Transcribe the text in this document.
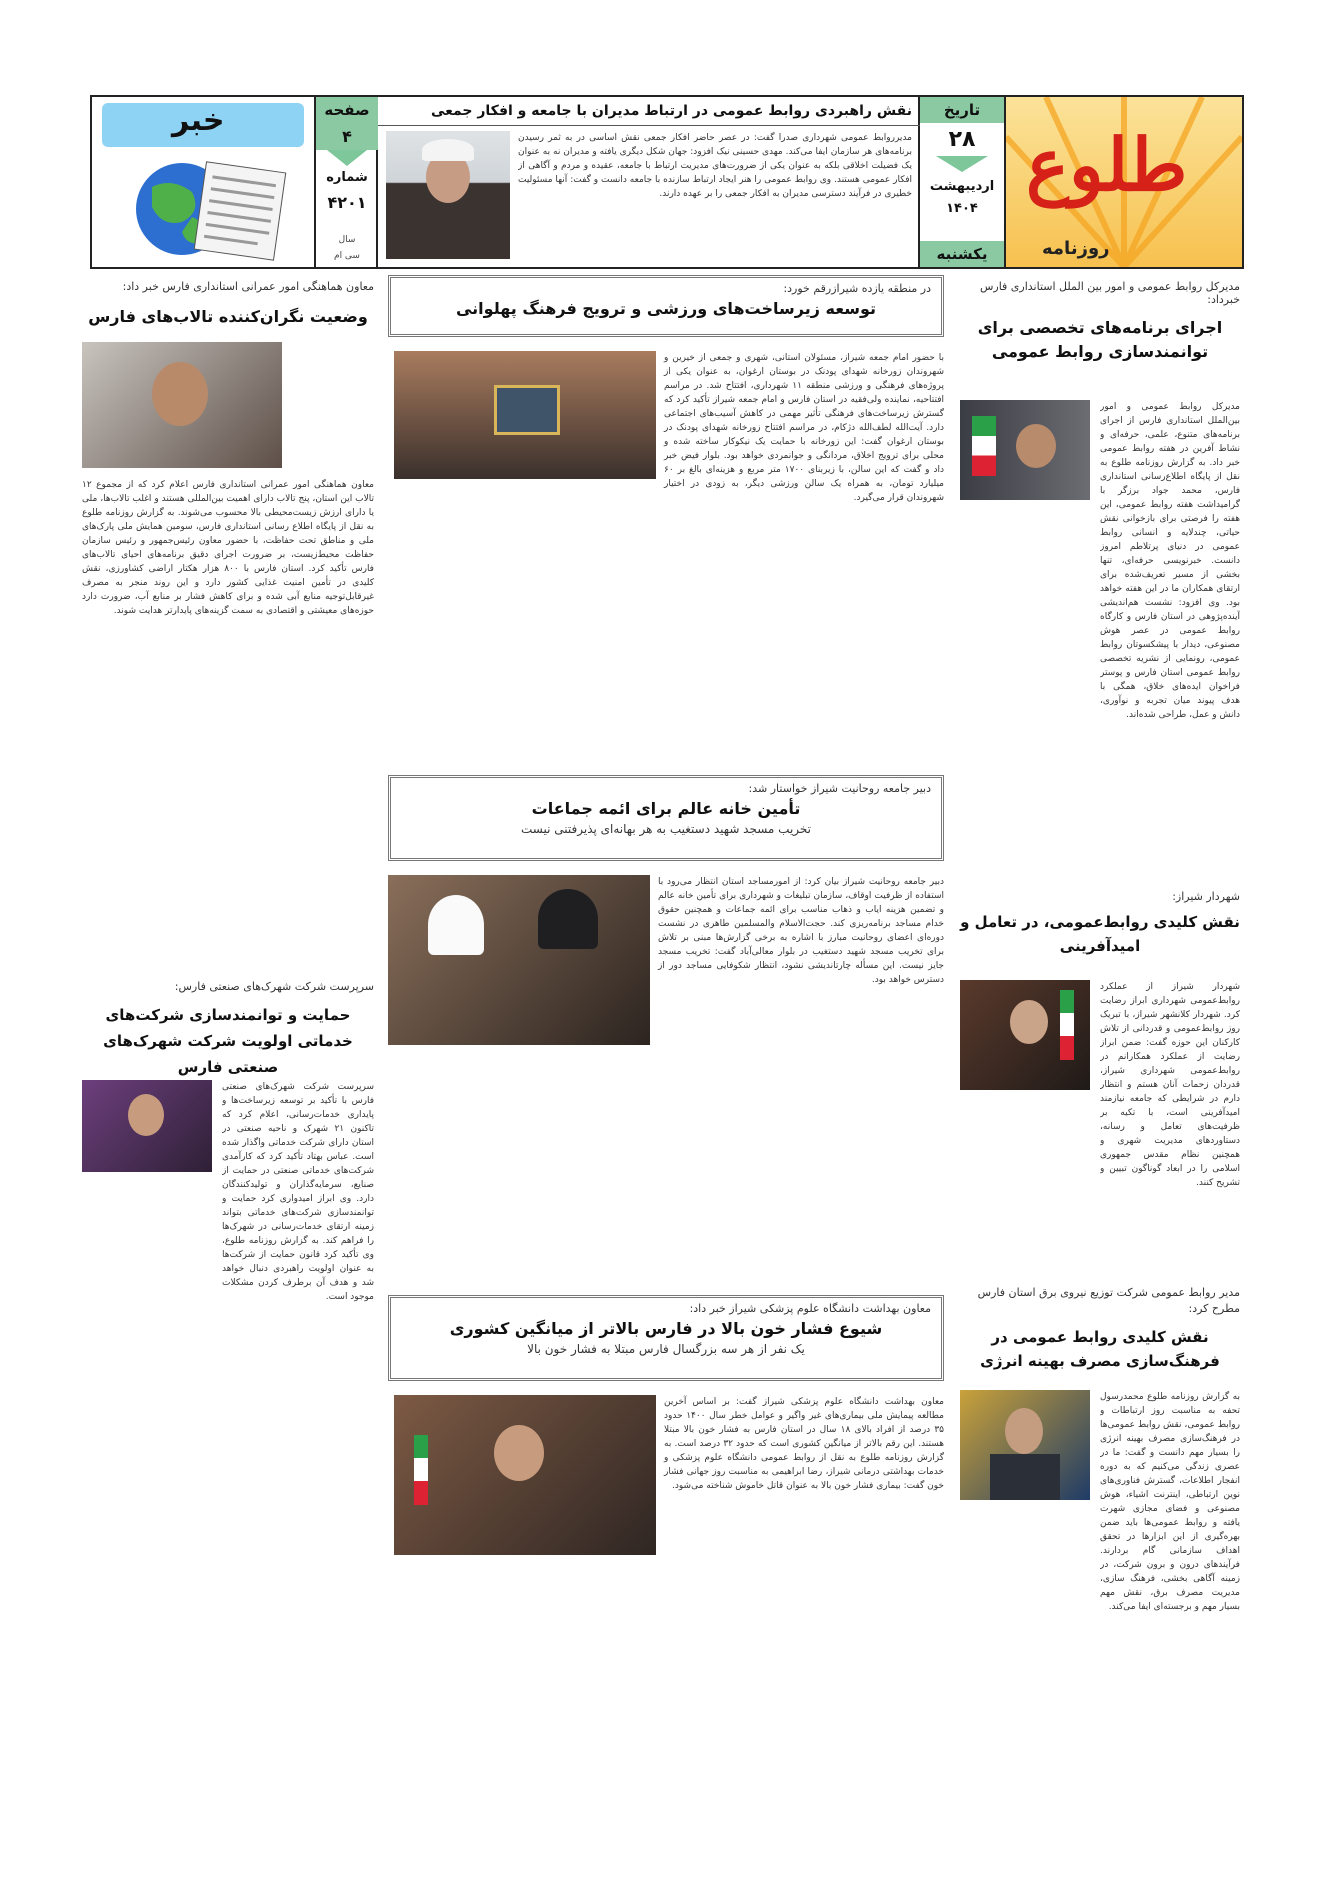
طلوع
روزنامه
تاریخ
۲۸
اردیبهشت ۱۴۰۴
یکشنبه
نقش راهبردی روابط عمومی در ارتباط مدیران با جامعه و افکار جمعی
مدیرروابط عمومی شهرداری صدرا گفت: در عصر حاضر افکار جمعی نقش اساسی در به ثمر رسیدن برنامه‌های هر سازمان ایفا می‌کند. مهدی حسینی نیک افزود: جهان شکل دیگری یافته و مدیران نه به عنوان یک فضیلت اخلاقی بلکه به عنوان یکی از ضرورت‌های مدیریت ارتباط با جامعه، عقیده و مردم و آگاهی از افکار عمومی هستند. وی روابط عمومی را هنر ایجاد ارتباط سازنده با جامعه دانست و گفت: آنها مسئولیت خطیری در فرآیند دسترسی مدیران به افکار جمعی را بر عهده دارند.
صفحه
۴
شماره
۴۲۰۱
سال
سی ام
خبر
مدیرکل روابط عمومی و امور بین الملل استانداری فارس خبرداد:
اجرای برنامه‌های تخصصی برای توانمندسازی روابط عمومی
مدیرکل روابط عمومی و امور بین‌الملل استانداری فارس از اجرای برنامه‌های متنوع، علمی، حرفه‌ای و نشاط آفرین در هفته روابط عمومی خبر داد. به گزارش روزنامه طلوع به نقل از پایگاه اطلاع‌رسانی استانداری فارس، محمد جواد برزگر با گرامیداشت هفته روابط عمومی، این هفته را فرصتی برای بازخوانی نقش حیاتی، چندلایه و انسانی روابط عمومی در دنیای پرتلاطم امروز دانست. خبرنویسی حرفه‌ای، تنها بخشی از مسیر تعریف‌شده برای ارتقای همکاران ما در این هفته خواهد بود. وی افزود: نشست هم‌اندیشی آینده‌پژوهی در استان فارس و کارگاه روابط عمومی در عصر هوش مصنوعی، دیدار با پیشکسوتان روابط عمومی، رونمایی از نشریه تخصصی روابط عمومی استان فارس و پوستر فراخوان ایده‌های خلاق، همگی با هدف پیوند میان تجربه و نوآوری، دانش و عمل، طراحی شده‌اند.
شهردار شیراز:
نقش کلیدی روابط‌عمومی، در تعامل و امیدآفرینی
شهردار شیراز از عملکرد روابط‌عمومی شهرداری ابراز رضایت کرد. شهردار کلانشهر شیراز، با تبریک روز روابط‌عمومی و قدردانی از تلاش کارکنان این حوزه گفت: ضمن ابراز رضایت از عملکرد همکارانم در روابط‌عمومی شهرداری شیراز، قدردان زحمات آنان هستم و انتظار دارم در شرایطی که جامعه نیازمند امیدآفرینی است، با تکیه بر ظرفیت‌های تعامل و رسانه، دستاوردهای مدیریت شهری و همچنین نظام مقدس جمهوری اسلامی را در ابعاد گوناگون تبیین و تشریح کنند.
مدیر روابط عمومی شرکت توزیع نیروی برق استان فارس مطرح کرد:
نقش کلیدی روابط عمومی در فرهنگ‌سازی مصرف بهینه انرژی
به گزارش روزنامه طلوع محمدرسول تحفه به مناسبت روز ارتباطات و روابط عمومی، نقش روابط عمومی‌ها در فرهنگ‌سازی مصرف بهینه انرژی را بسیار مهم دانست و گفت: ما در عصری زندگی می‌کنیم که به دوره انفجار اطلاعات، گسترش فناوری‌های نوین ارتباطی، اینترنت اشیاء، هوش مصنوعی و فضای مجازی شهرت یافته و روابط عمومی‌ها باید ضمن بهره‌گیری از این ابزارها در تحقق اهداف سازمانی گام بردارند. فرآیندهای درون و برون شرکت، در زمینه آگاهی بخشی، فرهنگ سازی، مدیریت مصرف برق، نقش مهم بسیار مهم و برجسته‌ای ایفا می‌کند.
در منطقه یازده شیرازرقم خورد:
توسعه زیرساخت‌های ورزشی و ترویج فرهنگ پهلوانی
با حضور امام جمعه شیراز، مسئولان استانی، شهری و جمعی از خیرین و شهروندان زورخانه شهدای پودنک در بوستان ارغوان، به عنوان یکی از پروژه‌های فرهنگی و ورزشی منطقه ۱۱ شهرداری، افتتاح شد. در مراسم افتتاحیه، نماینده ولی‌فقیه در استان فارس و امام جمعه شیراز تأکید کرد که گسترش زیرساخت‌های فرهنگی تأثیر مهمی در کاهش آسیب‌های اجتماعی دارد. آیت‌الله لطف‌الله دژکام، در مراسم افتتاح زورخانه شهدای پودنک در بوستان ارغوان گفت: این زورخانه با حمایت یک نیکوکار ساخته شده و محلی برای ترویج اخلاق، مردانگی و جوانمردی خواهد بود. بلوار فیض خبر داد و گفت که این سالن، با زیربنای ۱۷۰۰ متر مربع و هزینه‌ای بالغ بر ۶۰ میلیارد تومان، به همراه یک سالن ورزشی دیگر، به زودی در اختیار شهروندان قرار می‌گیرد.
دبیر جامعه روحانیت شیراز خواستار شد:
تأمین خانه عالم برای ائمه جماعات
تخریب مسجد شهید دستغیب به هر بهانه‌ای پذیرفتنی نیست
دبیر جامعه روحانیت شیراز بیان کرد: از امورمساجد استان انتظار می‌رود با استفاده از ظرفیت اوقاف، سازمان تبلیغات و شهرداری برای تأمین خانه عالم و تضمین هزینه ایاب و ذهاب مناسب برای ائمه جماعات و همچنین حقوق خدام مساجد برنامه‌ریزی کند. حجت‌الاسلام والمسلمین طاهری در نشست دوره‌ای اعضای روحانیت مبارز با اشاره به برخی گزارش‌ها مبنی بر تلاش برای تخریب مسجد شهید دستغیب در بلوار معالی‌آباد گفت: تخریب مسجد جایز نیست. این مسأله چارتاندیشی نشود، انتظار شکوفایی مساجد دور از دسترس خواهد بود.
معاون بهداشت دانشگاه علوم پزشکی شیراز خبر داد:
شیوع فشار خون بالا در فارس بالاتر از میانگین کشوری
یک نفر از هر سه بزرگسال فارس مبتلا به فشار خون بالا
معاون بهداشت دانشگاه علوم پزشکی شیراز گفت: بر اساس آخرین مطالعه پیمایش ملی بیماری‌های غیر واگیر و عوامل خطر سال ۱۴۰۰ حدود ۳۵ درصد از افراد بالای ۱۸ سال در استان فارس به فشار خون بالا مبتلا هستند. این رقم بالاتر از میانگین کشوری است که حدود ۳۲ درصد است. به گزارش روزنامه طلوع به نقل از روابط عمومی دانشگاه علوم پزشکی و خدمات بهداشتی درمانی شیراز، رضا ابراهیمی به مناسبت روز جهانی فشار خون گفت: بیماری فشار خون بالا به عنوان قاتل خاموش شناخته می‌شود.
معاون هماهنگی امور عمرانی استانداری فارس خبر داد:
وضعیت نگران‌کننده تالاب‌های فارس
معاون هماهنگی امور عمرانی استانداری فارس اعلام کرد که از مجموع ۱۲ تالاب این استان، پنج تالاب دارای اهمیت بین‌المللی هستند و اغلب تالاب‌ها، ملی یا دارای ارزش زیست‌محیطی بالا محسوب می‌شوند. به گزارش روزنامه طلوع به نقل از پایگاه اطلاع رسانی استانداری فارس، سومین همایش ملی پارک‌های ملی و مناطق تحت حفاظت، با حضور معاون رئیس‌جمهور و رئیس سازمان حفاظت محیط‌زیست، بر ضرورت اجرای دقیق برنامه‌های احیای تالاب‌های فارس تأکید کرد. استان فارس با ۸۰۰ هزار هکتار اراضی کشاورزی، نقش کلیدی در تأمین امنیت غذایی کشور دارد و این روند منجر به مصرف غیرقابل‌توجیه منابع آبی شده و برای کاهش فشار بر منابع آب، ضرورت دارد حوزه‌های معیشتی و اقتصادی به سمت گزینه‌های پایدارتر هدایت شوند.
سرپرست شرکت شهرک‌های صنعتی فارس:
حمایت و توانمندسازی شرکت‌های خدماتی اولویت شرکت شهرک‌های صنعتی فارس
سرپرست شرکت شهرک‌های صنعتی فارس با تأکید بر توسعه زیرساخت‌ها و پایداری خدمات‌رسانی، اعلام کرد که تاکنون ۲۱ شهرک و ناحیه صنعتی در استان دارای شرکت خدماتی واگذار شده است. عباس بهتاد تأکید کرد که کارآمدی شرکت‌های خدماتی صنعتی در حمایت از صنایع، سرمایه‌گذاران و تولیدکنندگان دارد. وی ابراز امیدواری کرد حمایت و توانمندسازی شرکت‌های خدماتی بتواند زمینه ارتقای خدمات‌رسانی در شهرک‌ها را فراهم کند. به گزارش روزنامه طلوع، وی تأکید کرد قانون حمایت از شرکت‌ها به عنوان اولویت راهبردی دنبال خواهد شد و هدف آن برطرف کردن مشکلات موجود است.
